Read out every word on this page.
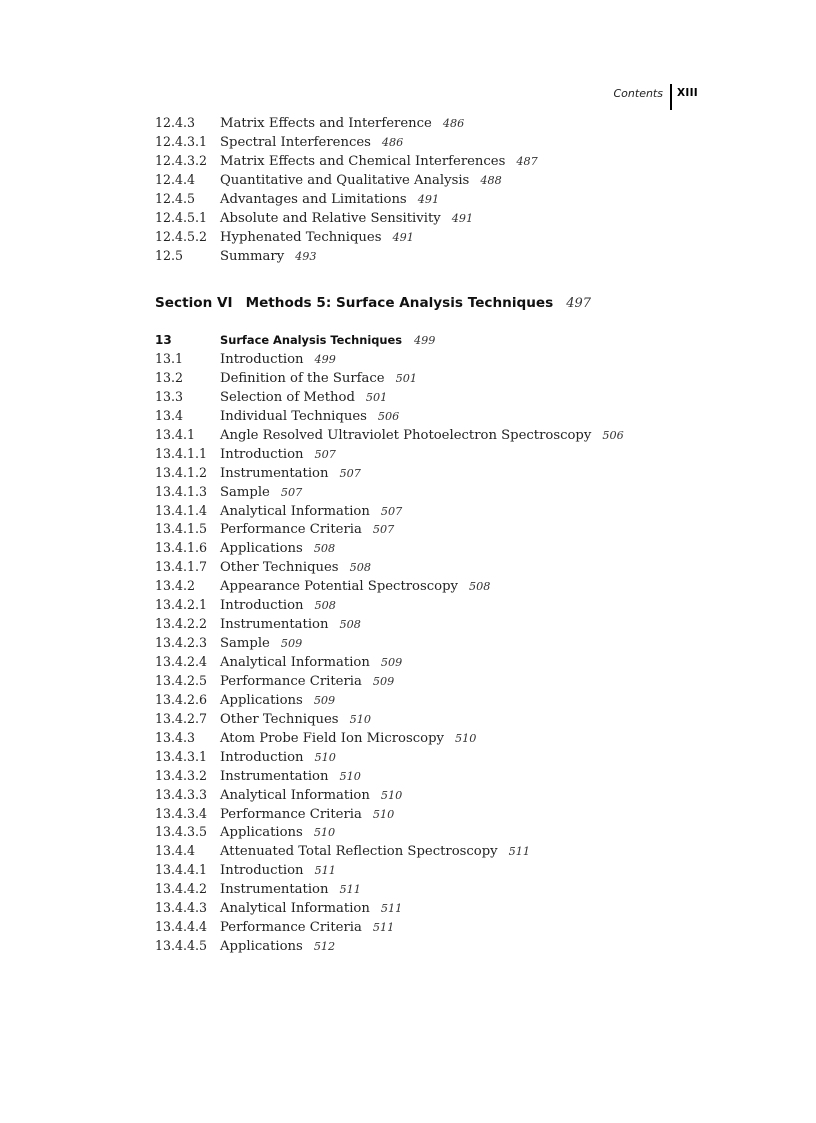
Contents XIII
12.4.3	Matrix Effects and Interference 486
12.4.3.1 Spectral Interferences 486
12.4.3.2 Matrix Effects and Chemical Interferences 487
12.4.4	Quantitative and Qualitative Analysis 488
12.4.5	Advantages and Limitations 491
12.4.5.1 Absolute and Relative Sensitivity 491
12.4.5.2 Hyphenated Techniques 491
12.5	Summary 493
Section VI Methods 5: Surface Analysis Techniques 497
13	Surface Analysis Techniques 499
13.1	Introduction 499
13.2	Definition of the Surface 501
13.3	Selection of Method 501
13.4	Individual Techniques 506
13.4.1	Angle Resolved Ultraviolet Photoelectron Spectroscopy 506
13.4.1.1 Introduction 507
13.4.1.2 Instrumentation 507
13.4.1.3 Sample 507
13.4.1.4 Analytical Information 507
13.4.1.5 Performance Criteria 507
13.4.1.6 Applications 508
13.4.1.7 Other Techniques 508
13.4.2	Appearance Potential Spectroscopy 508
13.4.2.1 Introduction 508
13.4.2.2 Instrumentation 508
13.4.2.3 Sample 509
13.4.2.4 Analytical Information 509
13.4.2.5 Performance Criteria 509
13.4.2.6 Applications 509
13.4.2.7 Other Techniques 510
13.4.3	Atom Probe Field Ion Microscopy 510
13.4.3.1 Introduction 510
13.4.3.2 Instrumentation 510
13.4.3.3 Analytical Information 510
13.4.3.4 Performance Criteria 510
13.4.3.5 Applications 510
13.4.4	Attenuated Total Reflection Spectroscopy 511
13.4.4.1 Introduction 511
13.4.4.2 Instrumentation 511
13.4.4.3 Analytical Information 511
13.4.4.4 Performance Criteria 511
13.4.4.5 Applications 512
